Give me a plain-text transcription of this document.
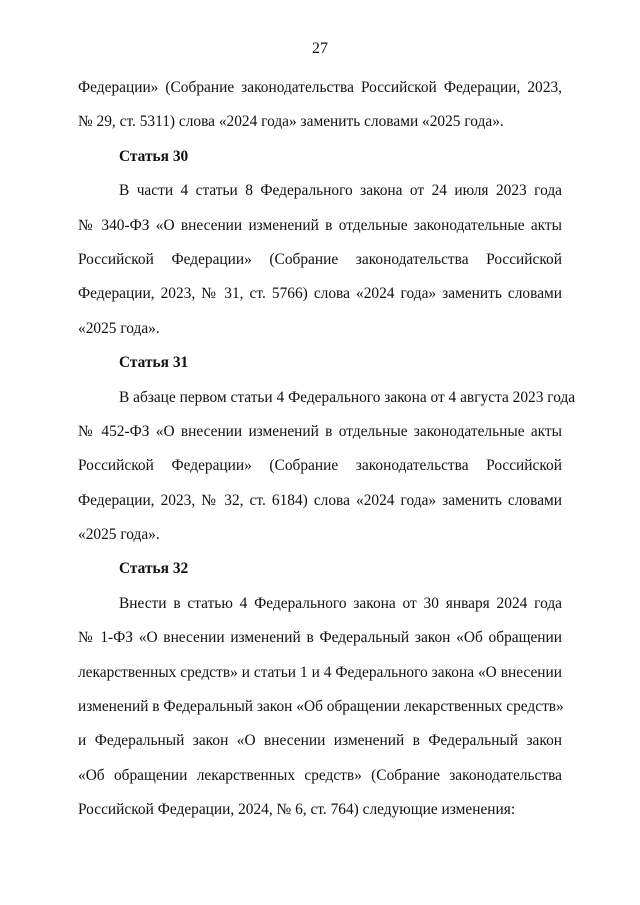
27
Федерации» (Собрание законодательства Российской Федерации, 2023,
№ 29, ст. 5311) слова «2024 года» заменить словами «2025 года».
Статья 30
В части 4 статьи 8 Федерального закона от 24 июля 2023 года
№ 340-ФЗ «О внесении изменений в отдельные законодательные акты
Российской Федерации» (Собрание законодательства Российской
Федерации, 2023, № 31, ст. 5766) слова «2024 года» заменить словами
«2025 года».
Статья 31
В абзаце первом статьи 4 Федерального закона от 4 августа 2023 года
№ 452-ФЗ «О внесении изменений в отдельные законодательные акты
Российской Федерации» (Собрание законодательства Российской
Федерации, 2023, № 32, ст. 6184) слова «2024 года» заменить словами
«2025 года».
Статья 32
Внести в статью 4 Федерального закона от 30 января 2024 года
№ 1-ФЗ «О внесении изменений в Федеральный закон «Об обращении
лекарственных средств» и статьи 1 и 4 Федерального закона «О внесении
изменений в Федеральный закон «Об обращении лекарственных средств»
и Федеральный закон «О внесении изменений в Федеральный закон
«Об обращении лекарственных средств» (Собрание законодательства
Российской Федерации, 2024, № 6, ст. 764) следующие изменения:
